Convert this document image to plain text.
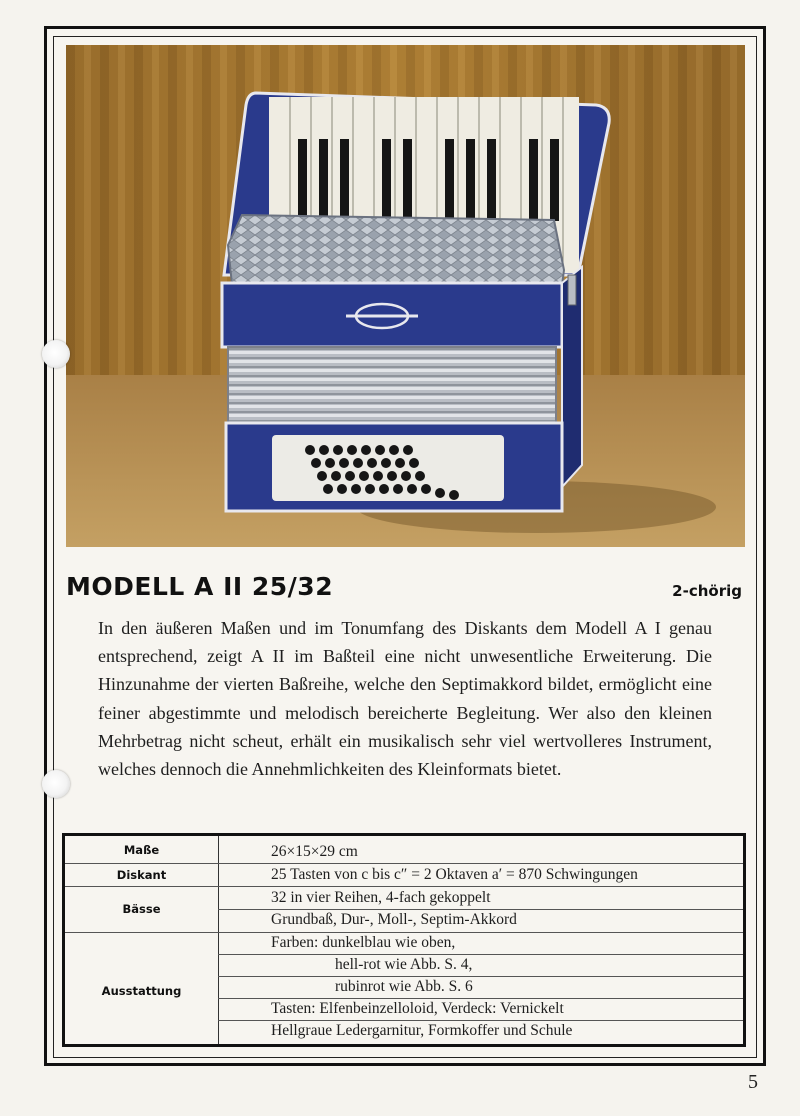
MODELL A II 25/32	2-chörig
In den äußeren Maßen und im Tonumfang des Diskants dem Modell A I genau entsprechend, zeigt A II im Baßteil eine nicht unwesentliche Erweiterung. Die Hinzunahme der vierten Baßreihe, welche den Septimakkord bildet, ermöglicht eine feiner abgestimmte und melodisch bereicherte Begleitung. Wer also den kleinen Mehrbetrag nicht scheut, erhält ein musikalisch sehr viel wertvolleres Instrument, welches dennoch die Annehmlichkeiten des Kleinformats bietet.
Maße
Diskant
Bässe
Ausstattung
26×15×29 cm
25 Tasten von c bis c″ = 2 Oktaven a′ = 870 Schwingungen
32 in vier Reihen, 4-fach gekoppelt
Grundbaß, Dur-, Moll-, Septim-Akkord
Farben: dunkelblau wie oben,
hell-rot wie Abb. S. 4,
rubinrot wie Abb. S. 6
Tasten: Elfenbeinzelloloid, Verdeck: Vernickelt
Hellgraue Ledergarnitur, Formkoffer und Schule
5
